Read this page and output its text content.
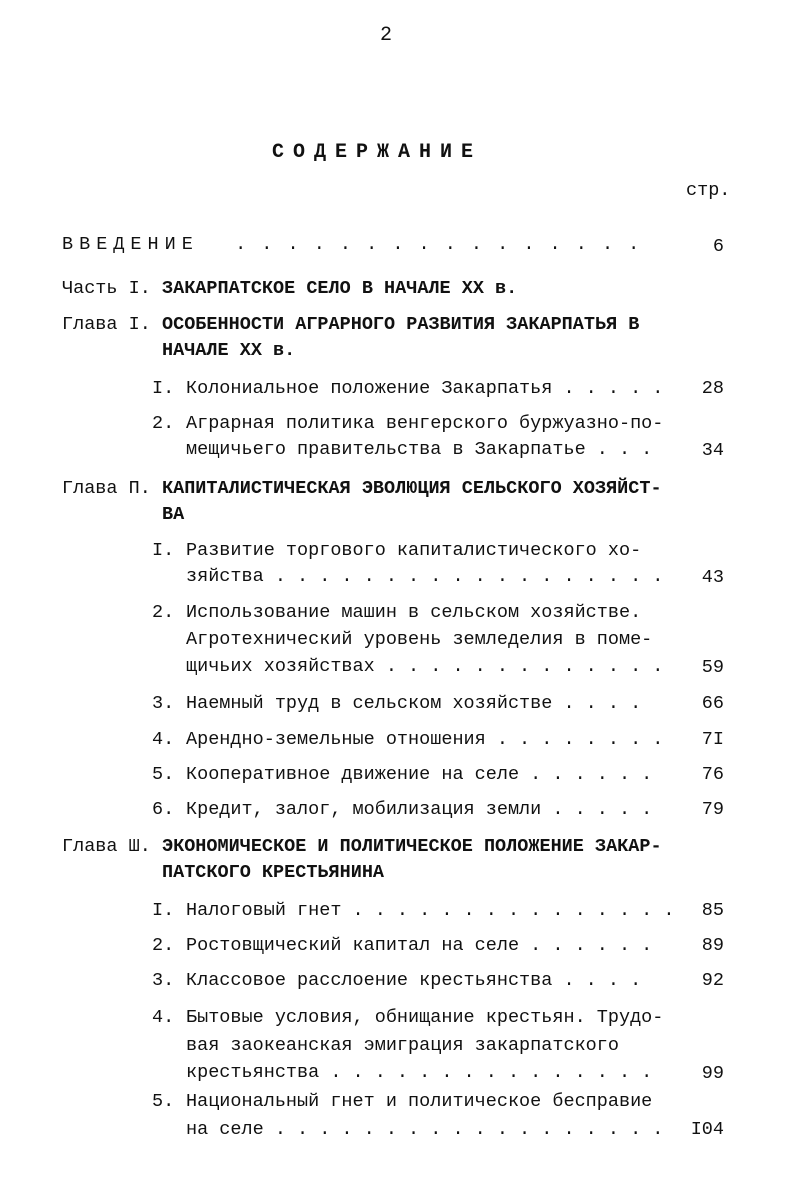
2
СОДЕРЖАНИЕ
стр.
ВВЕДЕНИЕ . . . . . . . . . . . . . . . .	6
Часть I. ЗАКАРПАТСКОЕ СЕЛО В НАЧАЛЕ XX в.
Глава I. ОСОБЕННОСТИ АГРАРНОГО РАЗВИТИЯ ЗАКАРПАТЬЯ В
НАЧАЛЕ XX в.
I. Колониальное положение Закарпатья . . . . .	28
2. Аграрная политика венгерского буржуазно-по-
мещичьего правительства в Закарпатье . . .	34
Глава П. КАПИТАЛИСТИЧЕСКАЯ ЭВОЛЮЦИЯ СЕЛЬСКОГО ХОЗЯЙСТ-
ВА
I. Развитие торгового капиталистического хо-
зяйства . . . . . . . . . . . . . . . . . .	43
2. Использование машин в сельском хозяйстве.
Агротехнический уровень земледелия в поме-
щичьих хозяйствах . . . . . . . . . . . . .	59
3. Наемный труд в сельском хозяйстве . . . .	66
4. Арендно-земельные отношения . . . . . . . .	7I
5. Кооперативное движение на селе . . . . . .	76
6. Кредит, залог, мобилизация земли . . . . .	79
Глава Ш. ЭКОНОМИЧЕСКОЕ И ПОЛИТИЧЕСКОЕ ПОЛОЖЕНИЕ ЗАКАР-
ПАТСКОГО КРЕСТЬЯНИНА
I. Налоговый гнет . . . . . . . . . . . . . . .	85
2. Ростовщический капитал на селе . . . . . .	89
3. Классовое расслоение крестьянства . . . .	92
4. Бытовые условия, обнищание крестьян. Трудо-
вая заокеанская эмиграция закарпатского
крестьянства . . . . . . . . . . . . . . .	99
5. Национальный гнет и политическое бесправие
на селе . . . . . . . . . . . . . . . . . .	I04
